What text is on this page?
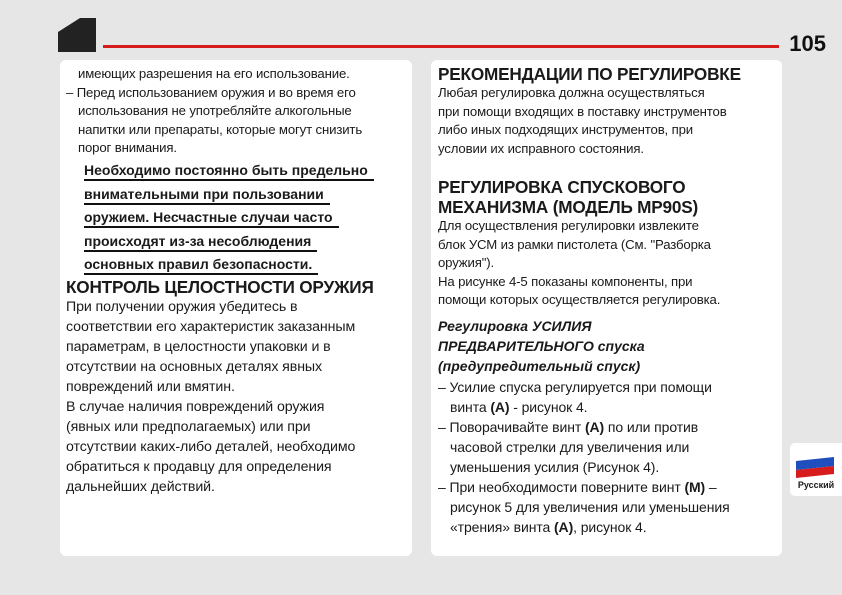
105
имеющих разрешения на его использование.
– Перед использованием оружия и во время его
использования не употребляйте алкогольные
напитки или препараты, которые могут снизить
порог внимания.
Необходимо постоянно быть предельно
внимательными при пользовании
оружием. Несчастные случаи часто
происходят из-за несоблюдения
основных правил безопасности.
КОНТРОЛЬ ЦЕЛОСТНОСТИ ОРУЖИЯ
При получении оружия убедитесь в
соответствии его характеристик заказанным
параметрам, в целостности упаковки и в
отсутствии на основных деталях явных
повреждений или вмятин.
В случае наличия повреждений оружия
(явных или предполагаемых) или при
отсутствии каких-либо деталей, необходимо
обратиться к продавцу для определения
дальнейших действий.
РЕКОМЕНДАЦИИ ПО РЕГУЛИРОВКЕ
Любая регулировка должна осуществляться
при помощи входящих в поставку инструментов
либо иных подходящих инструментов, при
условии их исправного состояния.
РЕГУЛИРОВКА СПУСКОВОГО
МЕХАНИЗМА (МОДЕЛЬ MP90S)
Для осуществления регулировки извлеките
блок УСМ из рамки пистолета (См. "Разборка
оружия").
На рисунке 4-5 показаны компоненты, при
помощи которых осуществляется регулировка.
Регулировка УСИЛИЯ
ПРЕДВАРИТЕЛЬНОГО спуска
(предупредительный спуск)
– Усилие спуска регулируется при помощи
винта (A) - рисунок 4.
– Поворачивайте винт (A) по или против
часовой стрелки для увеличения или
уменьшения усилия (Рисунок 4).
– При необходимости поверните винт (M) –
рисунок 5 для увеличения или уменьшения
«трения» винта (A), рисунок 4.
Русский
